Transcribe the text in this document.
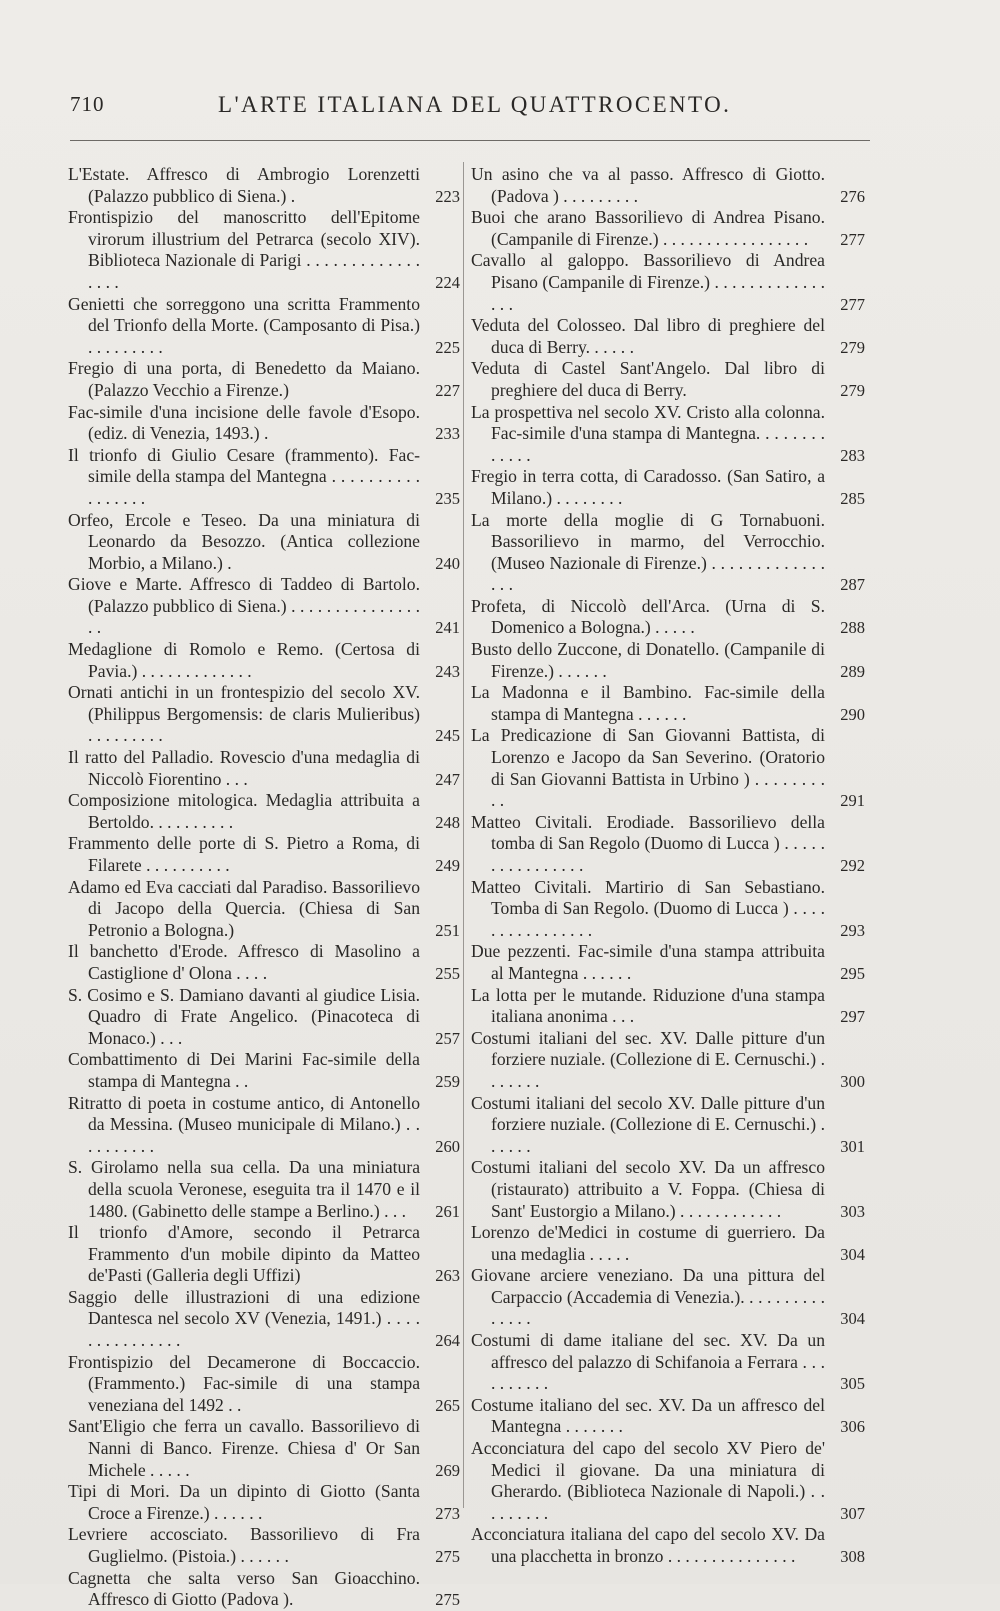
710	L'ARTE ITALIANA DEL QUATTROCENTO.
L'Estate. Affresco di Ambrogio Lorenzetti (Palazzo pubblico di Siena.) .	223
Frontispizio del manoscritto dell'Epitome virorum illustrium del Petrarca (secolo XIV). Biblioteca Nazionale di Parigi . . . . . . . . . . . . . . . . .	224
Genietti che sorreggono una scritta Frammento del Trionfo della Morte. (Camposanto di Pisa.) . . . . . . . . .	225
Fregio di una porta, di Benedetto da Maiano. (Palazzo Vecchio a Firenze.)	227
Fac-simile d'una incisione delle favole d'Esopo. (ediz. di Venezia, 1493.) .	233
Il trionfo di Giulio Cesare (frammento). Fac-simile della stampa del Mantegna . . . . . . . . . . . . . . . . .	235
Orfeo, Ercole e Teseo. Da una miniatura di Leonardo da Besozzo. (Antica collezione Morbio, a Milano.) .	240
Giove e Marte. Affresco di Taddeo di Bartolo. (Palazzo pubblico di Siena.) . . . . . . . . . . . . . . . . .	241
Medaglione di Romolo e Remo. (Certosa di Pavia.) . . . . . . . . . . . . .	243
Ornati antichi in un frontespizio del secolo XV. (Philippus Bergomensis: de claris Mulieribus) . . . . . . . . .	245
Il ratto del Palladio. Rovescio d'una medaglia di Niccolò Fiorentino . . .	247
Composizione mitologica. Medaglia attribuita a Bertoldo. . . . . . . . . .	248
Frammento delle porte di S. Pietro a Roma, di Filarete . . . . . . . . . .	249
Adamo ed Eva cacciati dal Paradiso. Bassorilievo di Jacopo della Quercia. (Chiesa di San Petronio a Bologna.)	251
Il banchetto d'Erode. Affresco di Masolino a Castiglione d' Olona . . . .	255
S. Cosimo e S. Damiano davanti al giudice Lisia. Quadro di Frate Angelico. (Pinacoteca di Monaco.) . . .	257
Combattimento di Dei Marini Fac-simile della stampa di Mantegna . .	259
Ritratto di poeta in costume antico, di Antonello da Messina. (Museo municipale di Milano.) . . . . . . . . . .	260
S. Girolamo nella sua cella. Da una miniatura della scuola Veronese, eseguita tra il 1470 e il 1480. (Gabinetto delle stampe a Berlino.) . . . 261
Il trionfo d'Amore, secondo il Petrarca Frammento d'un mobile dipinto da Matteo de'Pasti (Galleria degli Uffizi)	263
Saggio delle illustrazioni di una edizione Dantesca nel secolo XV (Venezia, 1491.) . . . . . . . . . . . . . . .	264
Frontispizio del Decamerone di Boccaccio. (Frammento.) Fac-simile di una stampa veneziana del 1492 . .	265
Sant'Eligio che ferra un cavallo. Bassorilievo di Nanni di Banco. Firenze. Chiesa d' Or San Michele . . . . .	269
Tipi di Mori. Da un dipinto di Giotto (Santa Croce a Firenze.) . . . . . .	273
Levriere accosciato. Bassorilievo di Fra Guglielmo. (Pistoia.) . . . . . .	275
Cagnetta che salta verso San Gioacchino. Affresco di Giotto (Padova ).	275
Un asino che va al passo. Affresco di Giotto. (Padova ) . . . . . . . . .	276
Buoi che arano Bassorilievo di Andrea Pisano. (Campanile di Firenze.) . . . . . . . . . . . . . . . . . 277
Cavallo al galoppo. Bassorilievo di Andrea Pisano (Campanile di Firenze.) . . . . . . . . . . . . . . . .	277
Veduta del Colosseo. Dal libro di preghiere del duca di Berry. . . . . .	279
Veduta di Castel Sant'Angelo. Dal libro di preghiere del duca di Berry.	279
La prospettiva nel secolo XV. Cristo alla colonna. Fac-simile d'una stampa di Mantegna. . . . . . . . . . . . .	283
Fregio in terra cotta, di Caradosso. (San Satiro, a Milano.) . . . . . . . .	285
La morte della moglie di G Tornabuoni. Bassorilievo in marmo, del Verrocchio. (Museo Nazionale di Firenze.) . . . . . . . . . . . . . . . .	287
Profeta, di Niccolò dell'Arca. (Urna di S. Domenico a Bologna.) . . . . .	288
Busto dello Zuccone, di Donatello. (Campanile di Firenze.) . . . . . .	289
La Madonna e il Bambino. Fac-simile della stampa di Mantegna . . . . . .	290
La Predicazione di San Giovanni Battista, di Lorenzo e Jacopo da San Severino. (Oratorio di San Giovanni Battista in Urbino ) . . . . . . . . . .	291
Matteo Civitali. Erodiade. Bassorilievo della tomba di San Regolo (Duomo di Lucca ) . . . . . . . . . . . . . . . .	292
Matteo Civitali. Martirio di San Sebastiano. Tomba di San Regolo. (Duomo di Lucca ) . . . . . . . . . . . . . . . .	293
Due pezzenti. Fac-simile d'una stampa attribuita al Mantegna . . . . . .	295
La lotta per le mutande. Riduzione d'una stampa italiana anonima . . .	297
Costumi italiani del sec. XV. Dalle pitture d'un forziere nuziale. (Collezione di E. Cernuschi.) . . . . . . .	300
Costumi italiani del secolo XV. Dalle pitture d'un forziere nuziale. (Collezione di E. Cernuschi.) . . . . . .	301
Costumi italiani del secolo XV. Da un affresco (ristaurato) attribuito a V. Foppa. (Chiesa di Sant' Eustorgio a Milano.) . . . . . . . . . . . .	303
Lorenzo de'Medici in costume di guerriero. Da una medaglia . . . . .	304
Giovane arciere veneziano. Da una pittura del Carpaccio (Accademia di Venezia.). . . . . . . . . . . . . . .	304
Costumi di dame italiane del sec. XV. Da un affresco del palazzo di Schifanoia a Ferrara . . . . . . . . . .	305
Costume italiano del sec. XV. Da un affresco del Mantegna . . . . . . .	306
Acconciatura del capo del secolo XV Piero de' Medici il giovane. Da una miniatura di Gherardo. (Biblioteca Nazionale di Napoli.) . . . . . . . . .	307
Acconciatura italiana del capo del secolo XV. Da una placchetta in bronzo . . . . . . . . . . . . . . .	308
